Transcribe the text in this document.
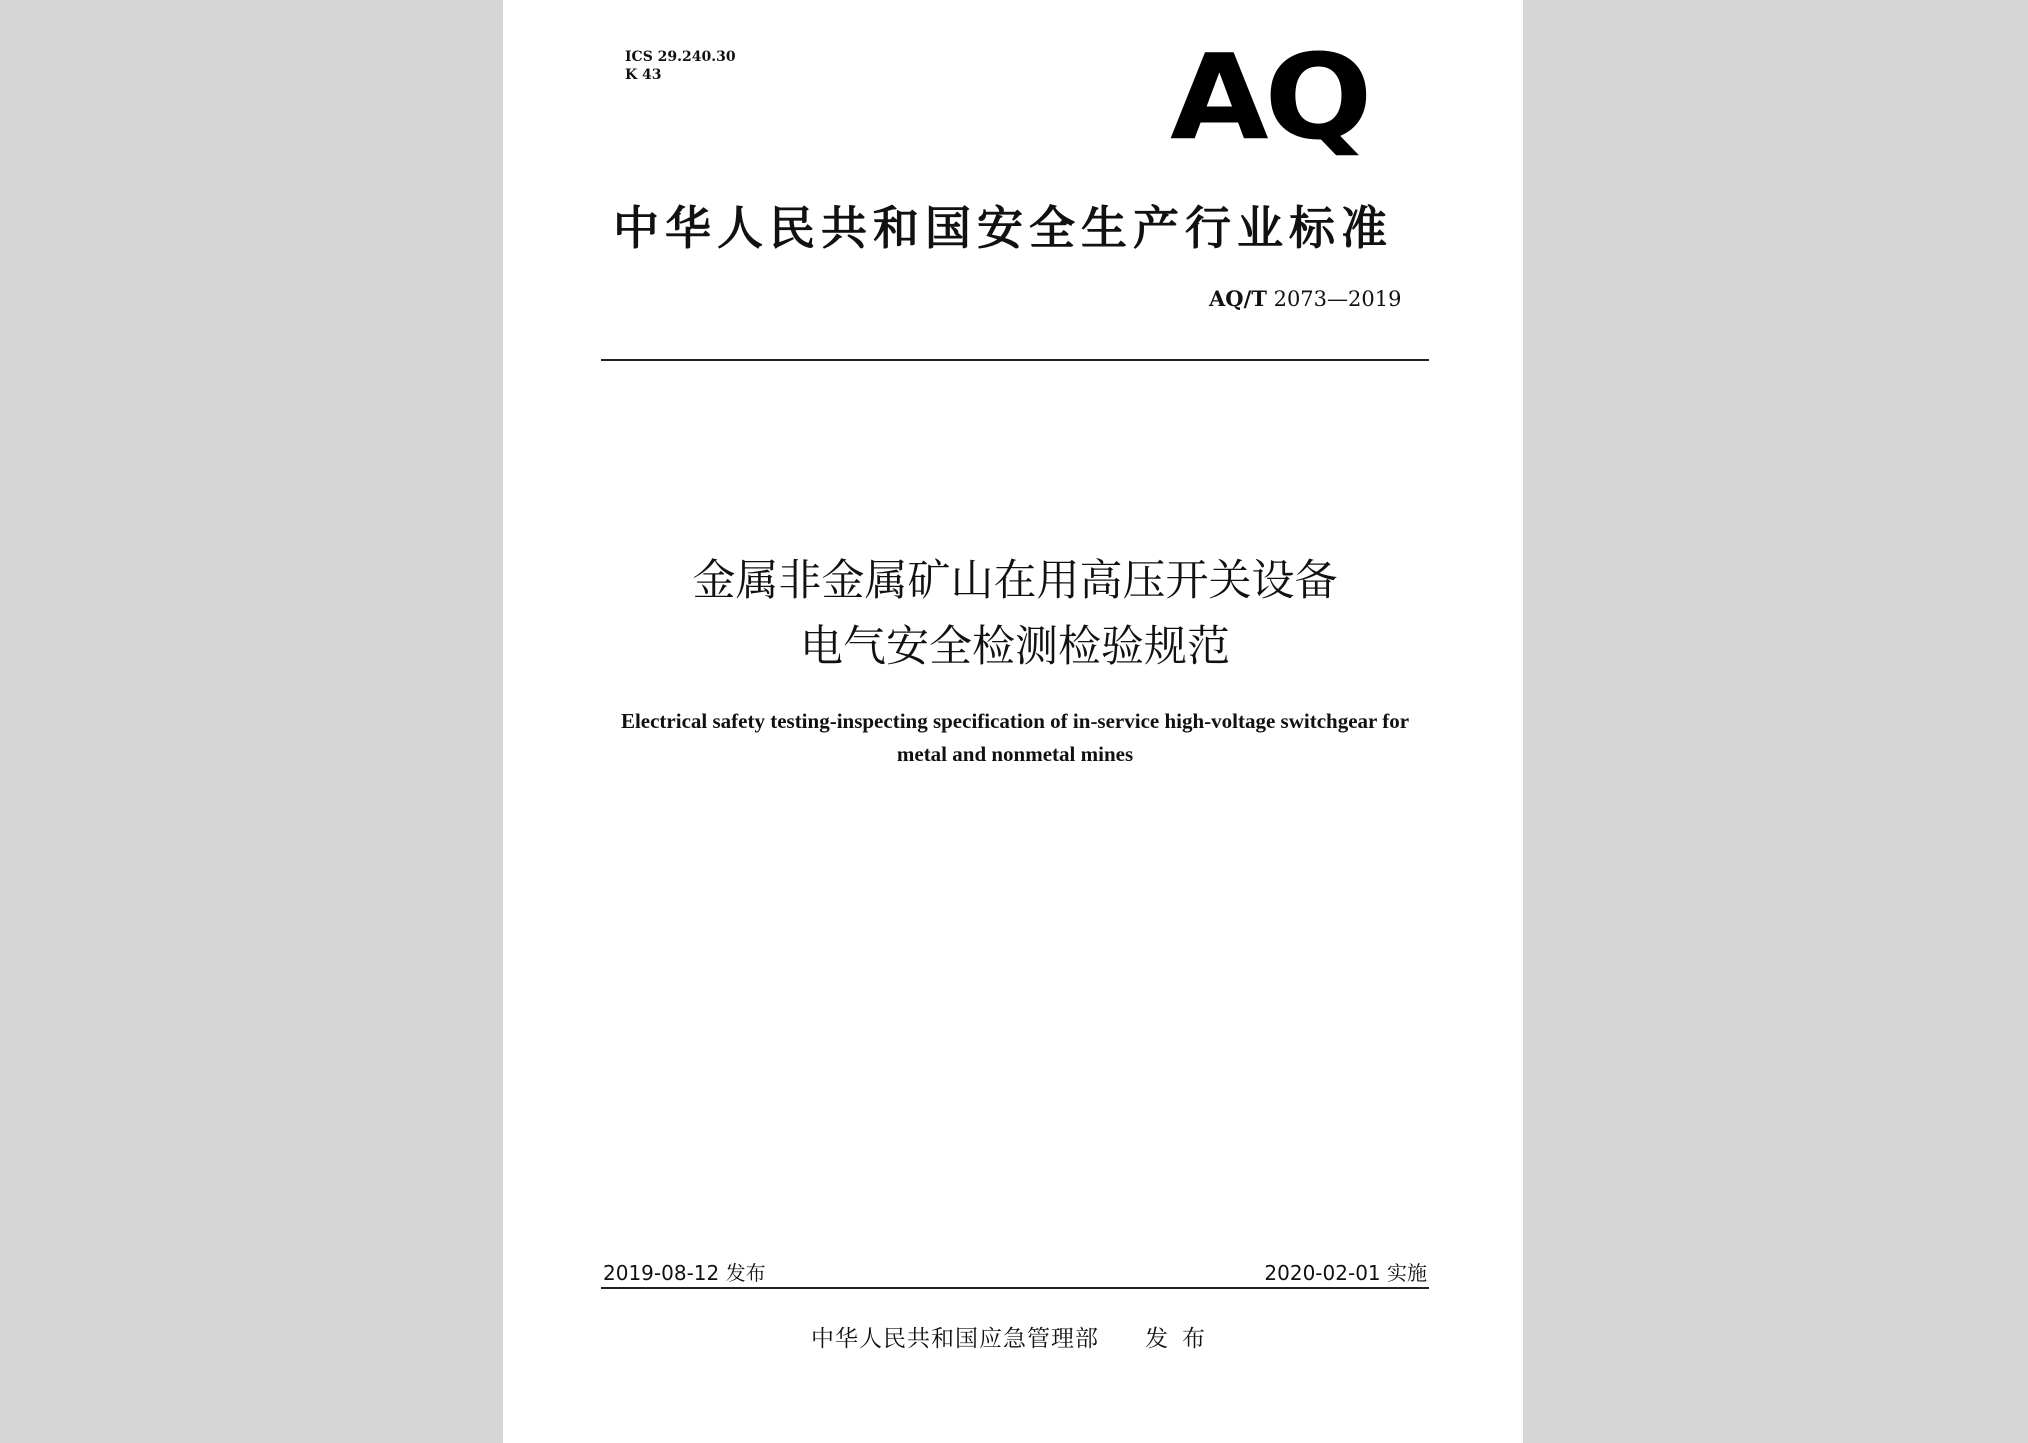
ICS 29.240.30
K 43	AQ
中华人民共和国安全生产行业标准
AQ/T 2073—2019
金属非金属矿山在用高压开关设备
电气安全检测检验规范
Electrical safety testing-inspecting specification of in-service high-voltage switchgear for
metal and nonmetal mines
2019-08-12 发布	2020-02-01 实施
中华人民共和国应急管理部 发布
